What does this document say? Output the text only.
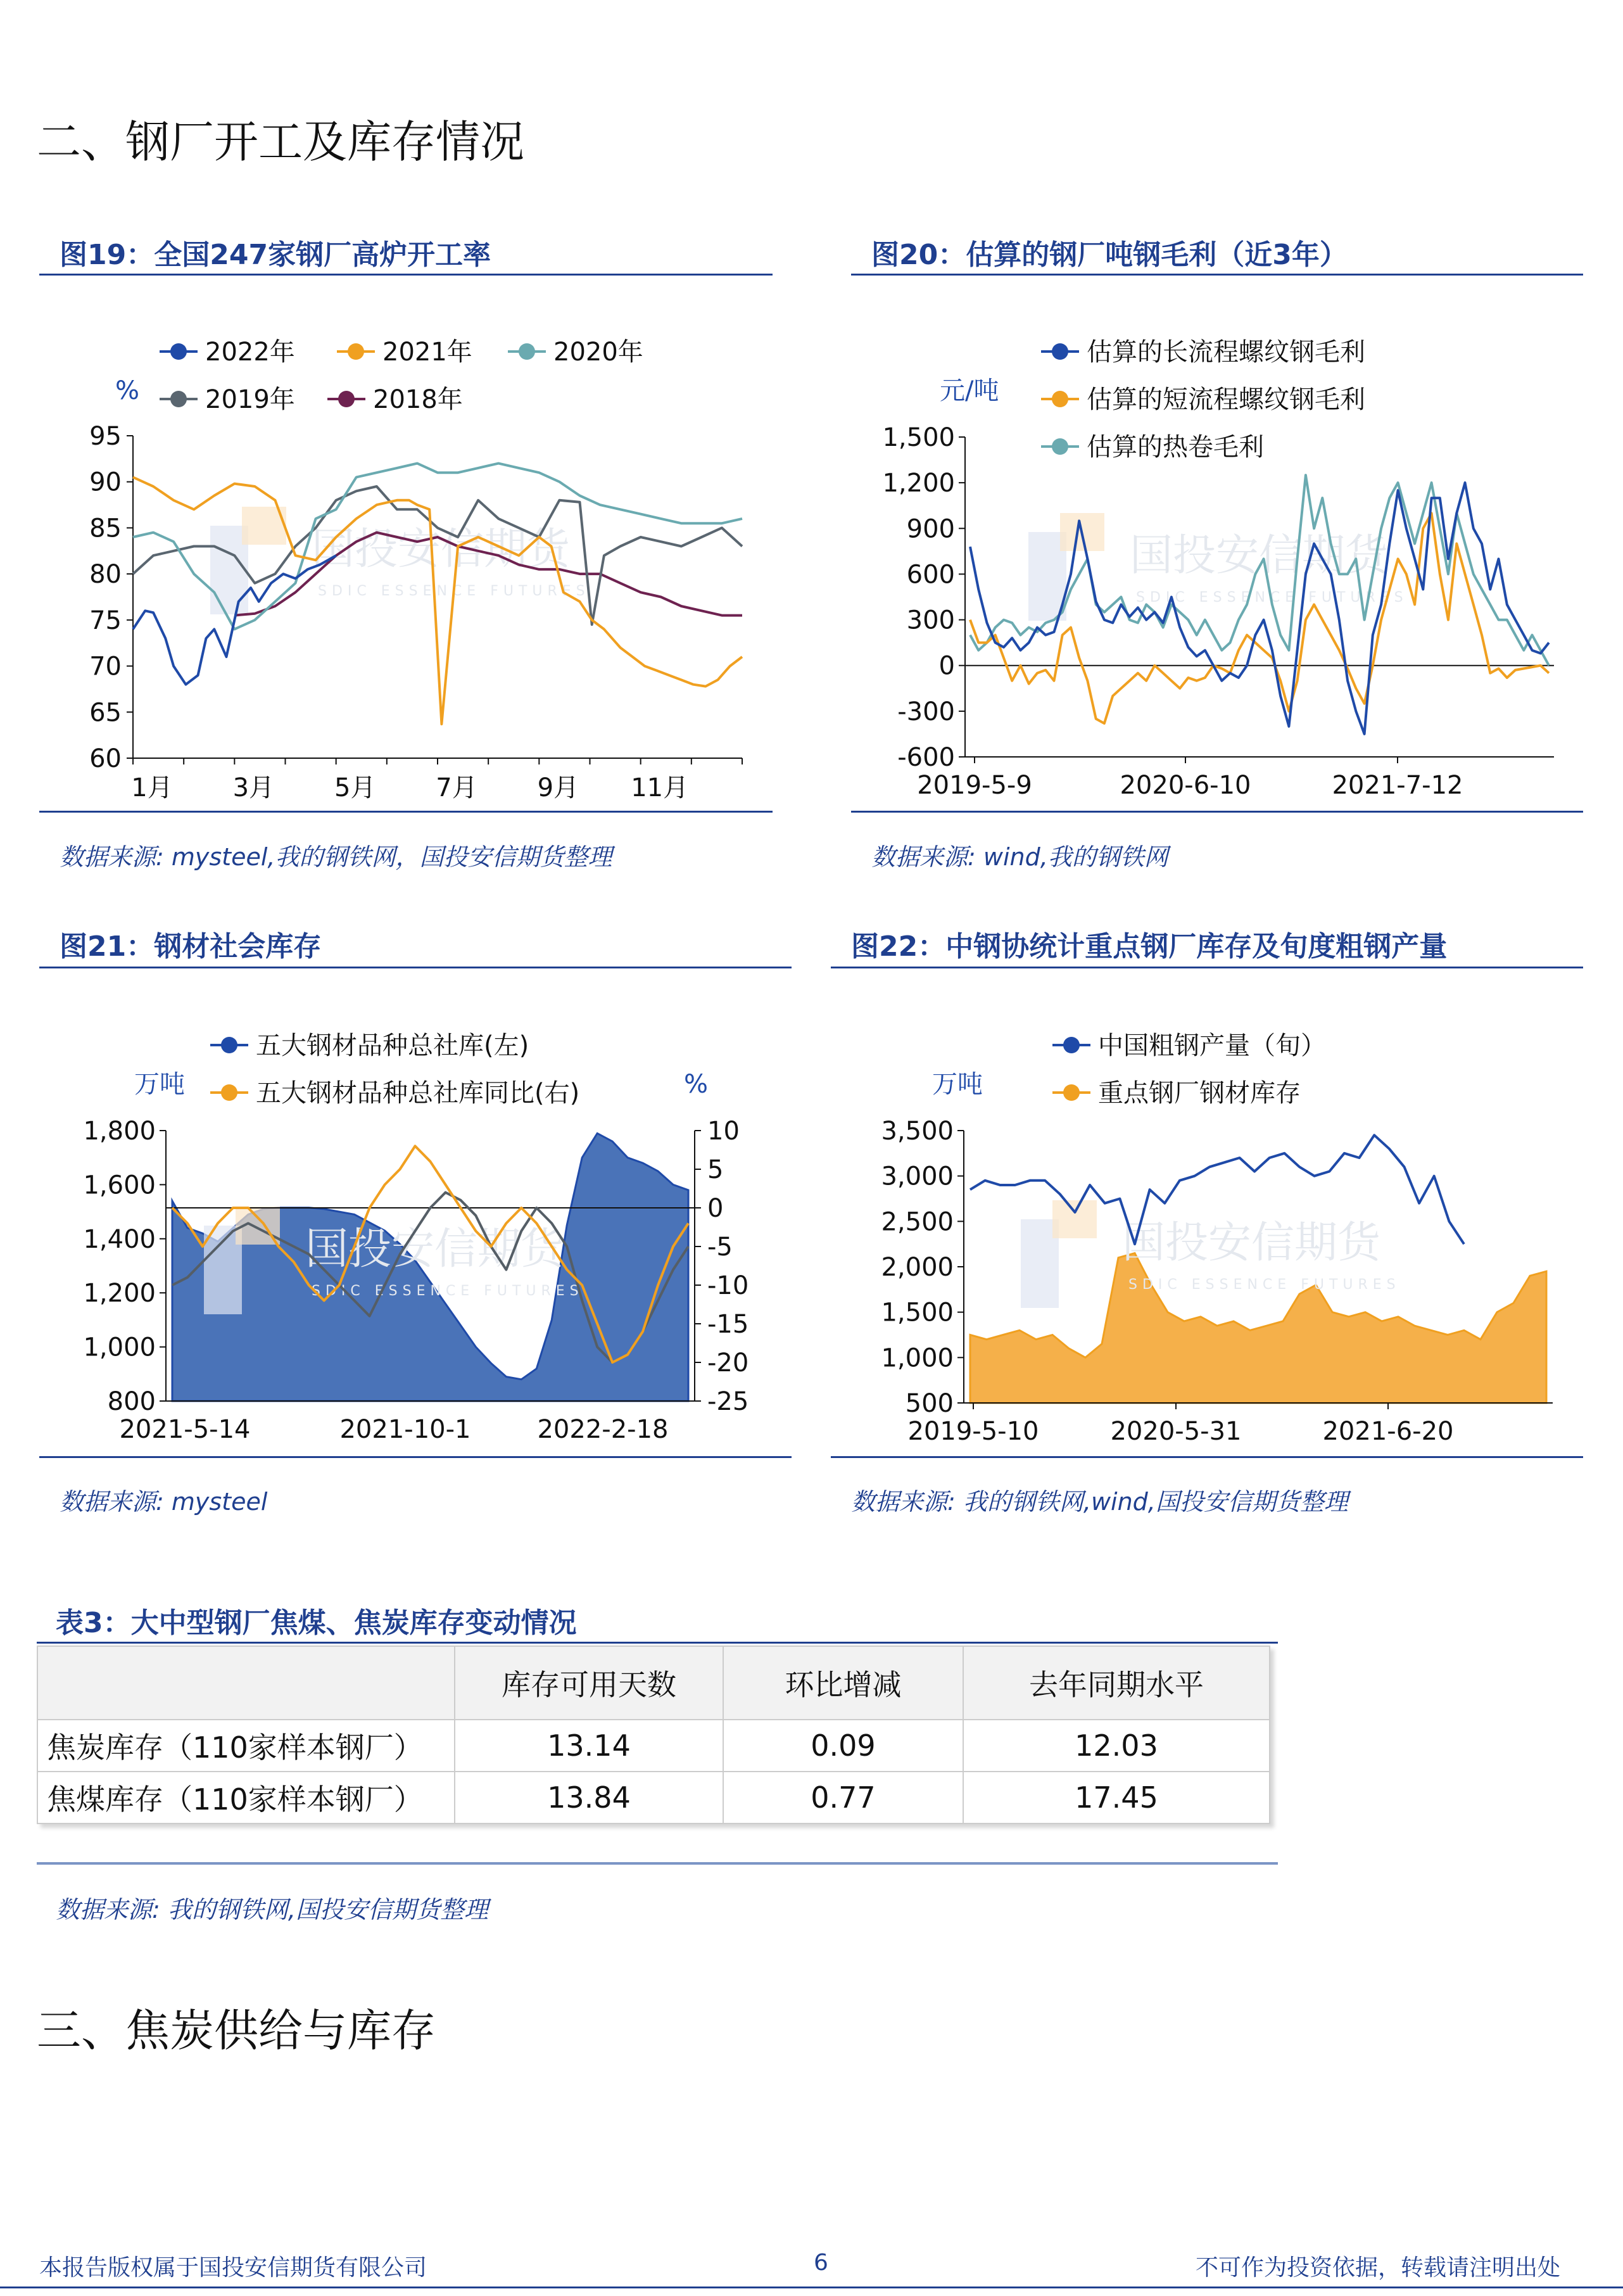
二、钢厂开工及库存情况
图19：全国247家钢厂高炉开工率
国投安信期货
SDIC ESSENCE FUTURES
2022年	2021年	2020年
2019年	2018年
%
95
90
85
80
75
70
65
60
1月 3月 5月 7月 9月 11月
数据来源: mysteel,我的钢铁网，国投安信期货整理
图20：估算的钢厂吨钢毛利（近3年）
国投安信期货
SDIC ESSENCE FUTURES
估算的长流程螺纹钢毛利
估算的短流程螺纹钢毛利
估算的热卷毛利
元/吨
1,500
1,200
900
600
300
0
-300
-600
2019-5-9	2020-6-10	2021-7-12
数据来源: wind,我的钢铁网
图21：钢材社会库存
五大钢材品种总社库(左)
五大钢材品种总社库同比(右)
万吨	%
国投安信期货
SDIC ESSENCE FUTURES
1,800
1,600
1,400
1,200
1,000
800
10
5
0
-5
-10
-15
-20
-25
2021-5-14	2021-10-1	2022-2-18
数据来源: mysteel
图22：中钢协统计重点钢厂库存及旬度粗钢产量
中国粗钢产量（旬）
重点钢厂钢材库存
万吨
国投安信期货
SDIC ESSENCE FUTURES
3,500
3,000
2,500
2,000
1,500
1,000
500
2019-5-10	2020-5-31	2021-6-20
数据来源: 我的钢铁网,wind,国投安信期货整理
表3：大中型钢厂焦煤、焦炭库存变动情况
	库存可用天数	环比增减	去年同期水平
焦炭库存（110家样本钢厂）	13.14	0.09	12.03
焦煤库存（110家样本钢厂）	13.84	0.77	17.45
数据来源: 我的钢铁网,国投安信期货整理
三、焦炭供给与库存
本报告版权属于国投安信期货有限公司	6	不可作为投资依据，转载请注明出处
